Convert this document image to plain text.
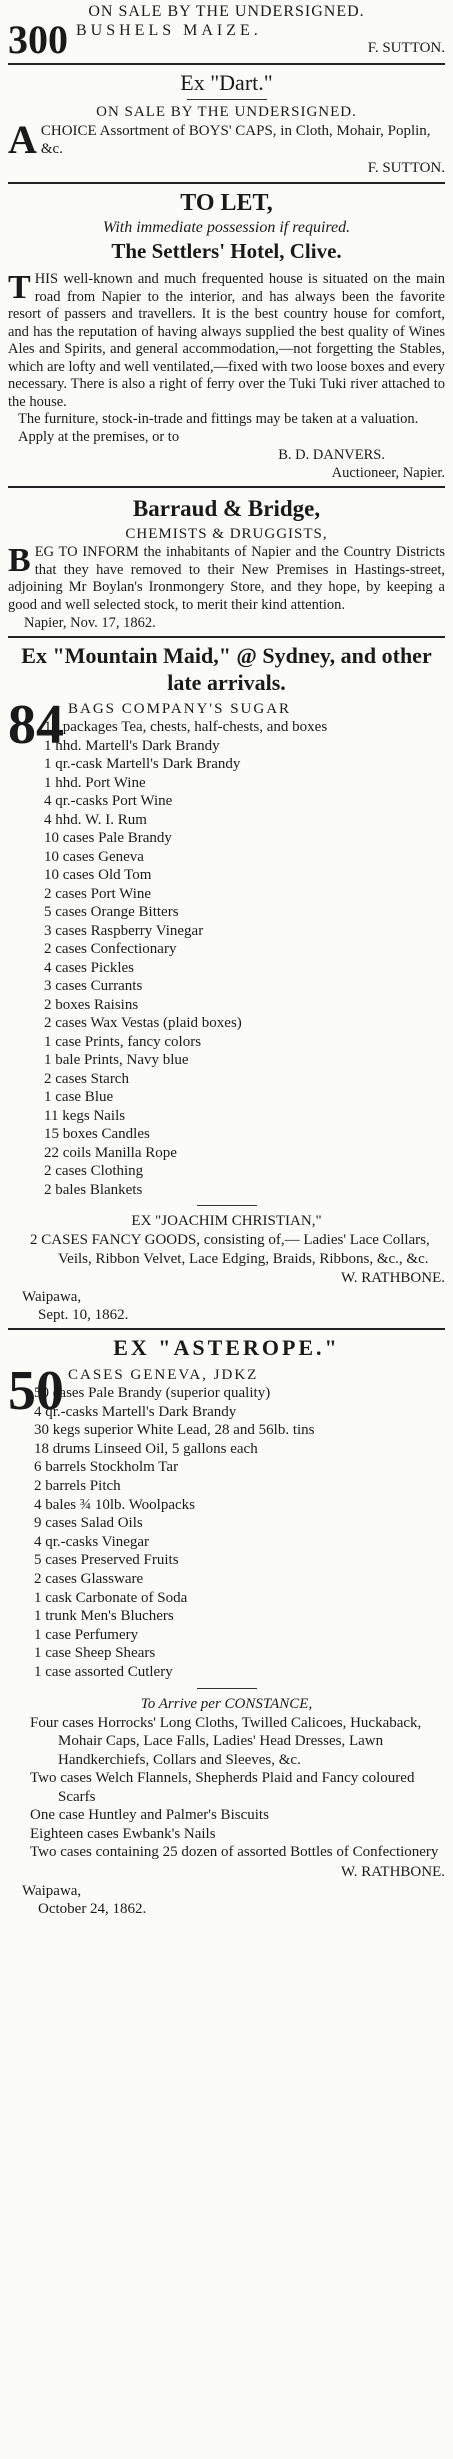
ON SALE BY THE UNDERSIGNED.

300 BUSHELS MAIZE.

F. SUTTON.

Ex "Dart."

ON SALE BY THE UNDERSIGNED.

A CHOICE Assortment of BOYS' CAPS, in Cloth, Mohair, Poplin, &c.

F. SUTTON.

TO LET,

With immediate possession if required.

The Settlers' Hotel, Clive.

T HIS well-known and much frequented house is situated on the main road from Napier to the interior, and has always been the favorite resort of passers and travellers. It is the best country house for comfort, and has the reputation of having always supplied the best quality of Wines Ales and Spirits, and general accommodation,—not forgetting the Stables, which are lofty and well ventilated,—fixed with two loose boxes and every necessary. There is also a right of ferry over the Tuki Tuki river attached to the house.

The furniture, stock-in-trade and fittings may be taken at a valuation.

Apply at the premises, or to

B. D. DANVERS.

Auctioneer, Napier.

Barraud & Bridge,

CHEMISTS & DRUGGISTS,

B EG TO INFORM the inhabitants of Napier and the Country Districts that they have removed to their New Premises in Hastings-street, adjoining Mr Boylan's Ironmongery Store, and they hope, by keeping a good and well selected stock, to merit their kind attention.

Napier, Nov. 17, 1862.

Ex "Mountain Maid," @ Sydney, and other late arrivals.

84 BAGS COMPANY'S SUGAR

17 packages Tea, chests, half-chests, and boxes
1 hhd. Martell's Dark Brandy
1 qr.-cask Martell's Dark Brandy
1 hhd. Port Wine
4 qr.-casks Port Wine
4 hhd. W. I. Rum
10 cases Pale Brandy
10 cases Geneva
10 cases Old Tom
2 cases Port Wine
5 cases Orange Bitters
3 cases Raspberry Vinegar
2 cases Confectionary
4 cases Pickles
3 cases Currants
2 boxes Raisins
2 cases Wax Vestas (plaid boxes)
1 case Prints, fancy colors
1 bale Prints, Navy blue
2 cases Starch
1 case Blue
11 kegs Nails
15 boxes Candles
22 coils Manilla Rope
2 cases Clothing
2 bales Blankets

EX "JOACHIM CHRISTIAN,"

2 CASES FANCY GOODS, consisting of,— Ladies' Lace Collars, Veils, Ribbon Velvet, Lace Edging, Braids, Ribbons, &c., &c.

W. RATHBONE.

Waipawa,

Sept. 10, 1862.

EX "ASTEROPE."

50 CASES GENEVA, JDKZ

50 cases Pale Brandy (superior quality)
4 qr.-casks Martell's Dark Brandy
30 kegs superior White Lead, 28 and 56lb. tins
18 drums Linseed Oil, 5 gallons each
6 barrels Stockholm Tar
2 barrels Pitch
4 bales ¾ 10lb. Woolpacks
9 cases Salad Oils
4 qr.-casks Vinegar
5 cases Preserved Fruits
2 cases Glassware
1 cask Carbonate of Soda
1 trunk Men's Bluchers
1 case Perfumery
1 case Sheep Shears
1 case assorted Cutlery

To Arrive per CONSTANCE,

Four cases Horrocks' Long Cloths, Twilled Calicoes, Huckaback, Mohair Caps, Lace Falls, Ladies' Head Dresses, Lawn Handkerchiefs, Collars and Sleeves, &c.

Two cases Welch Flannels, Shepherds Plaid and Fancy coloured Scarfs

One case Huntley and Palmer's Biscuits

Eighteen cases Ewbank's Nails

Two cases containing 25 dozen of assorted Bottles of Confectionery

W. RATHBONE.

Waipawa,

October 24, 1862.
